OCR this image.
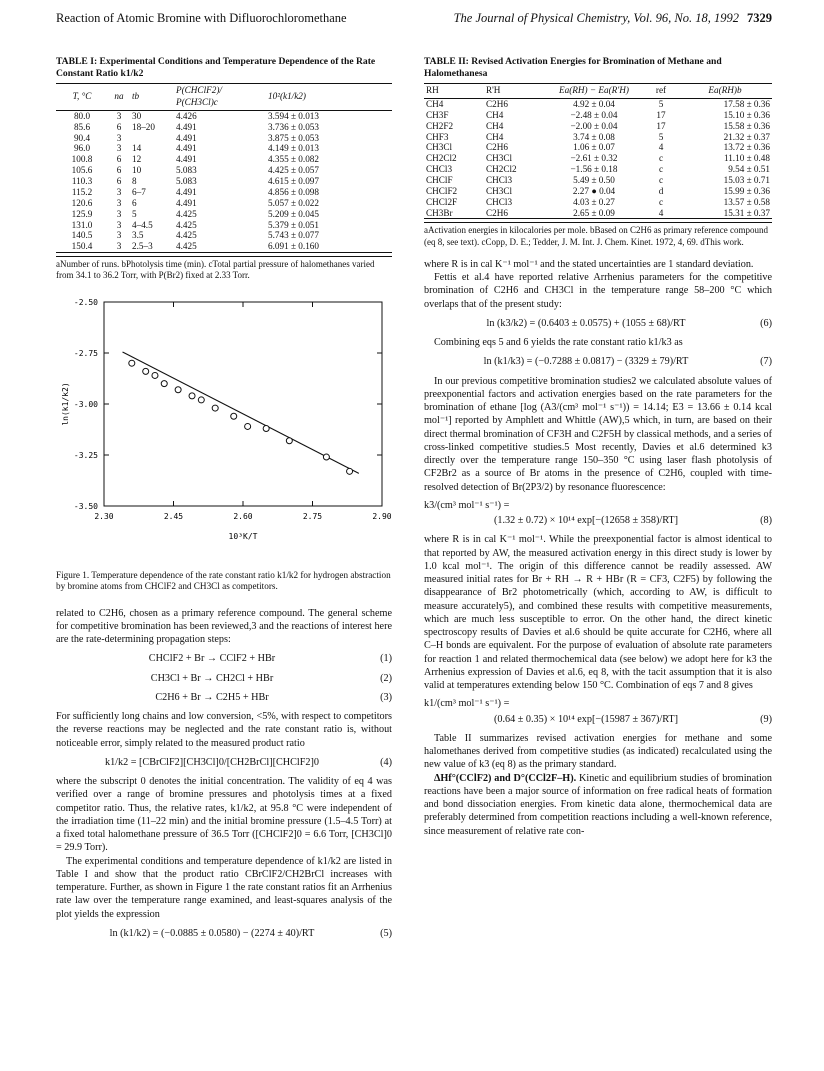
Reaction of Atomic Bromine with Difluorochloromethane	The Journal of Physical Chemistry, Vol. 96, No. 18, 1992 7329
TABLE I: Experimental Conditions and Temperature Dependence of the Rate Constant Ratio k1/k2
T, °C	na	tb	P(CHClF2)/ P(CH3Cl)c	10²(k1/k2)
80.0	3	30	4.426	3.594 ± 0.013
85.6	6	18–20	4.491	3.736 ± 0.053
90.4	3		4.491	3.875 ± 0.053
96.0	3	14	4.491	4.149 ± 0.013
100.8	6	12	4.491	4.355 ± 0.082
105.6	6	10	5.083	4.425 ± 0.057
110.3	6	8	5.083	4.615 ± 0.097
115.2	3	6–7	4.491	4.856 ± 0.098
120.6	3	6	4.491	5.057 ± 0.022
125.9	3	5	4.425	5.209 ± 0.045
131.0	3	4–4.5	4.425	5.379 ± 0.051
140.5	3	3.5	4.425	5.743 ± 0.077
150.4	3	2.5–3	4.425	6.091 ± 0.160
aNumber of runs. bPhotolysis time (min). cTotal partial pressure of halomethanes varied from 34.1 to 36.2 Torr, with P(Br2) fixed at 2.33 Torr.
2.30	2.45	2.60	2.75	2.90
-2.50
-2.75
-3.00
-3.25
-3.50
10³K/T
ln(k1/k2)
Figure 1. Temperature dependence of the rate constant ratio k1/k2 for hydrogen abstraction by bromine atoms from CHClF2 and CH3Cl as competitors.

related to C2H6, chosen as a primary reference compound. The general scheme for competitive bromination has been reviewed,3 and the reactions of interest here are the rate-determining propagation steps:

CHClF2 + Br → CClF2 + HBr	(1)
CH3Cl + Br → CH2Cl + HBr	(2)
C2H6 + Br → C2H5 + HBr	(3)

For sufficiently long chains and low conversion, <5%, with respect to competitors the reverse reactions may be neglected and the rate constant ratio is, without noticeable error, simply related to the measured product ratio

k1/k2 = [CBrClF2][CH3Cl]0/[CH2BrCl][CHClF2]0	(4)

where the subscript 0 denotes the initial concentration. The validity of eq 4 was verified over a range of bromine pressures and photolysis times at a fixed competitor ratio. Thus, the relative rates, k1/k2, at 95.8 °C were independent of the irradiation time (11–22 min) and the initial bromine pressure (1.5–4.5 Torr) at a fixed total halomethane pressure of 36.5 Torr ([CHClF2]0 = 6.6 Torr, [CH3Cl]0 = 29.9 Torr).

The experimental conditions and temperature dependence of k1/k2 are listed in Table I and show that the product ratio CBrClF2/CH2BrCl increases with temperature. Further, as shown in Figure 1 the rate constant ratios fit an Arrhenius rate law over the temperature range examined, and least-squares analysis of the plot yields the expression

ln (k1/k2) = (−0.0885 ± 0.0580) − (2274 ± 40)/RT	(5)
TABLE II: Revised Activation Energies for Bromination of Methane and Halomethanesa
RH	R'H	Ea(RH) − Ea(R'H)	ref	Ea(RH)b
CH4	C2H6	4.92 ± 0.04	5	17.58 ± 0.36
CH3F	CH4	−2.48 ± 0.04	17	15.10 ± 0.36
CH2F2	CH4	−2.00 ± 0.04	17	15.58 ± 0.36
CHF3	CH4	3.74 ± 0.08	5	21.32 ± 0.37
CH3Cl	C2H6	1.06 ± 0.07	4	13.72 ± 0.36
CH2Cl2	CH3Cl	−2.61 ± 0.32	c	11.10 ± 0.48
CHCl3	CH2Cl2	−1.56 ± 0.18	c	9.54 ± 0.51
CHClF	CHCl3	5.49 ± 0.50	c	15.03 ± 0.71
CHClF2	CH3Cl	2.27 ● 0.04	d	15.99 ± 0.36
CHCl2F	CHCl3	4.03 ± 0.27	c	13.57 ± 0.58
CH3Br	C2H6	2.65 ± 0.09	4	15.31 ± 0.37
aActivation energies in kilocalories per mole. bBased on C2H6 as primary reference compound (eq 8, see text). cCopp, D. E.; Tedder, J. M. Int. J. Chem. Kinet. 1972, 4, 69. dThis work.

where R is in cal K⁻¹ mol⁻¹ and the stated uncertainties are 1 standard deviation.

Fettis et al.4 have reported relative Arrhenius parameters for the competitive bromination of C2H6 and CH3Cl in the temperature range 58–200 °C which overlaps that of the present study:

ln (k3/k2) = (0.6403 ± 0.0575) + (1055 ± 68)/RT	(6)

Combining eqs 5 and 6 yields the rate constant ratio k1/k3 as

ln (k1/k3) = (−0.7288 ± 0.0817) − (3329 ± 79)/RT	(7)

In our previous competitive bromination studies2 we calculated absolute values of preexponential factors and activation energies based on the rate parameters for the bromination of ethane [log (A3/(cm³ mol⁻¹ s⁻¹)) = 14.14; E3 = 13.66 ± 0.14 kcal mol⁻¹] reported by Amphlett and Whittle (AW),5 which, in turn, are based on their direct thermal bromination of CF3H and C2F5H by classical methods, and a series of cross-linked competitive studies.5 Most recently, Davies et al.6 determined k3 directly over the temperature range 150–350 °C using laser flash photolysis of CF2Br2 as a source of Br atoms in the presence of C2H6, coupled with time-resolved detection of Br(2P3/2) by resonance fluorescence:

k3/(cm³ mol⁻¹ s⁻¹) =
(1.32 ± 0.72) × 10¹⁴ exp[−(12658 ± 358)/RT]	(8)

where R is in cal K⁻¹ mol⁻¹. While the preexponential factor is almost identical to that reported by AW, the measured activation energy in this direct study is lower by 1.0 kcal mol⁻¹. The origin of this difference cannot be readily assessed. AW measured initial rates for Br + RH → R + HBr (R = CF3, C2F5) by following the disappearance of Br2 photometrically (which, according to AW, is difficult to measure accurately5), and combined these results with competitive measurements, which are much less susceptible to error. On the other hand, the direct kinetic spectroscopy results of Davies et al.6 should be quite accurate for C2H6, where all C–H bonds are equivalent. For the purpose of evaluation of absolute rate parameters for reaction 1 and related thermochemical data (see below) we adopt here for k3 the Arrhenius expression of Davies et al.6, eq 8, with the tacit assumption that it is also valid at temperatures extending below 150 °C. Combination of eqs 7 and 8 gives

k1/(cm³ mol⁻¹ s⁻¹) =
(0.64 ± 0.35) × 10¹⁴ exp[−(15987 ± 367)/RT]	(9)

Table II summarizes revised activation energies for methane and some halomethanes derived from competitive studies (as indicated) recalculated using the new value of k3 (eq 8) as the primary standard.

ΔHf°(CClF2) and D°(CCl2F–H). Kinetic and equilibrium studies of bromination reactions have been a major source of information on free radical heats of formation and bond dissociation energies. From kinetic data alone, thermochemical data are preferably determined from competition reactions including a well-known reference, since measurement of relative rate con-
